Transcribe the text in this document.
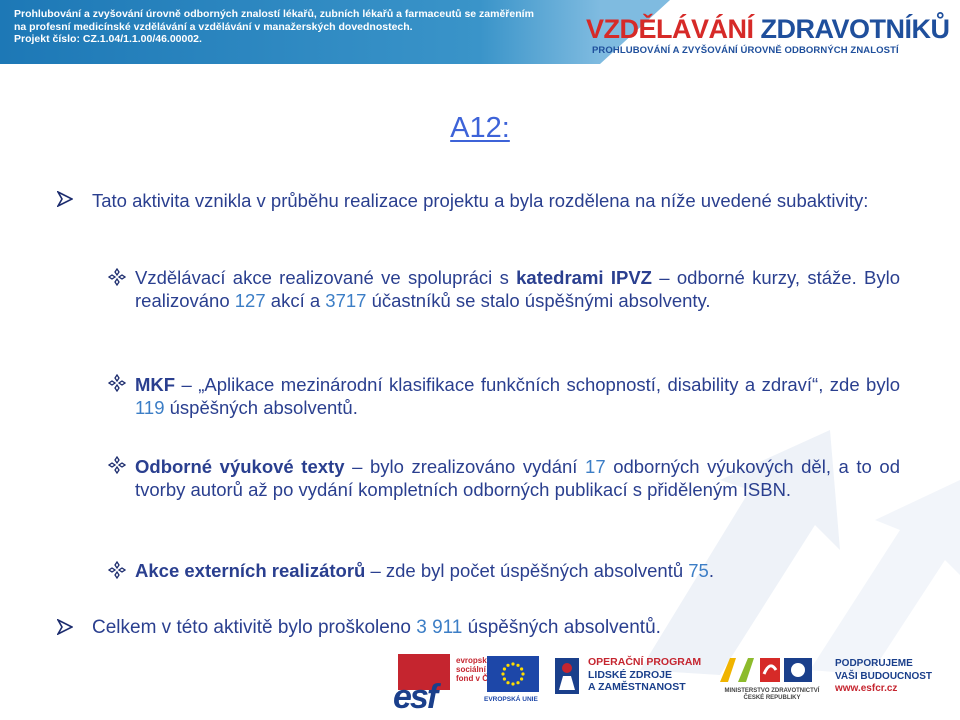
Prohlubování a zvyšování úrovně odborných znalostí lékařů, zubních lékařů a farmaceutů se zaměřením
na profesní medicínské vzdělávání a vzdělávání v manažerských dovednostech.
Projekt číslo: CZ.1.04/1.1.00/46.00002.	VZDĚLÁVÁNÍ ZDRAVOTNÍKŮ
PROHLUBOVÁNÍ A ZVYŠOVÁNÍ ÚROVNĚ ODBORNÝCH ZNALOSTÍ
A12:
Tato aktivita vznikla v průběhu realizace projektu a byla rozdělena na níže uvedené subaktivity:
Vzdělávací akce realizované ve spolupráci s katedrami IPVZ – odborné kurzy, stáže. Bylo realizováno 127 akcí a 3717 účastníků se stalo úspěšnými absolventy.
MKF – „Aplikace mezinárodní klasifikace funkčních schopností, disability a zdraví“, zde bylo 119 úspěšných absolventů.
Odborné výukové texty – bylo zrealizováno vydání 17 odborných výukových děl, a to od tvorby autorů až po vydání kompletních odborných publikací s přiděleným ISBN.
Akce externích realizátorů – zde byl počet úspěšných absolventů 75.
Celkem v této aktivitě bylo proškoleno 3 911 úspěšných absolventů.
evropský
sociální
fond v ČR
esf	EVROPSKÁ UNIE
OPERAČNÍ PROGRAM
LIDSKÉ ZDROJE
A ZAMĚSTNANOST	MINISTERSTVO ZDRAVOTNICTVÍ
ČESKÉ REPUBLIKY
PODPORUJEME
VAŠI BUDOUCNOST
www.esfcr.cz
